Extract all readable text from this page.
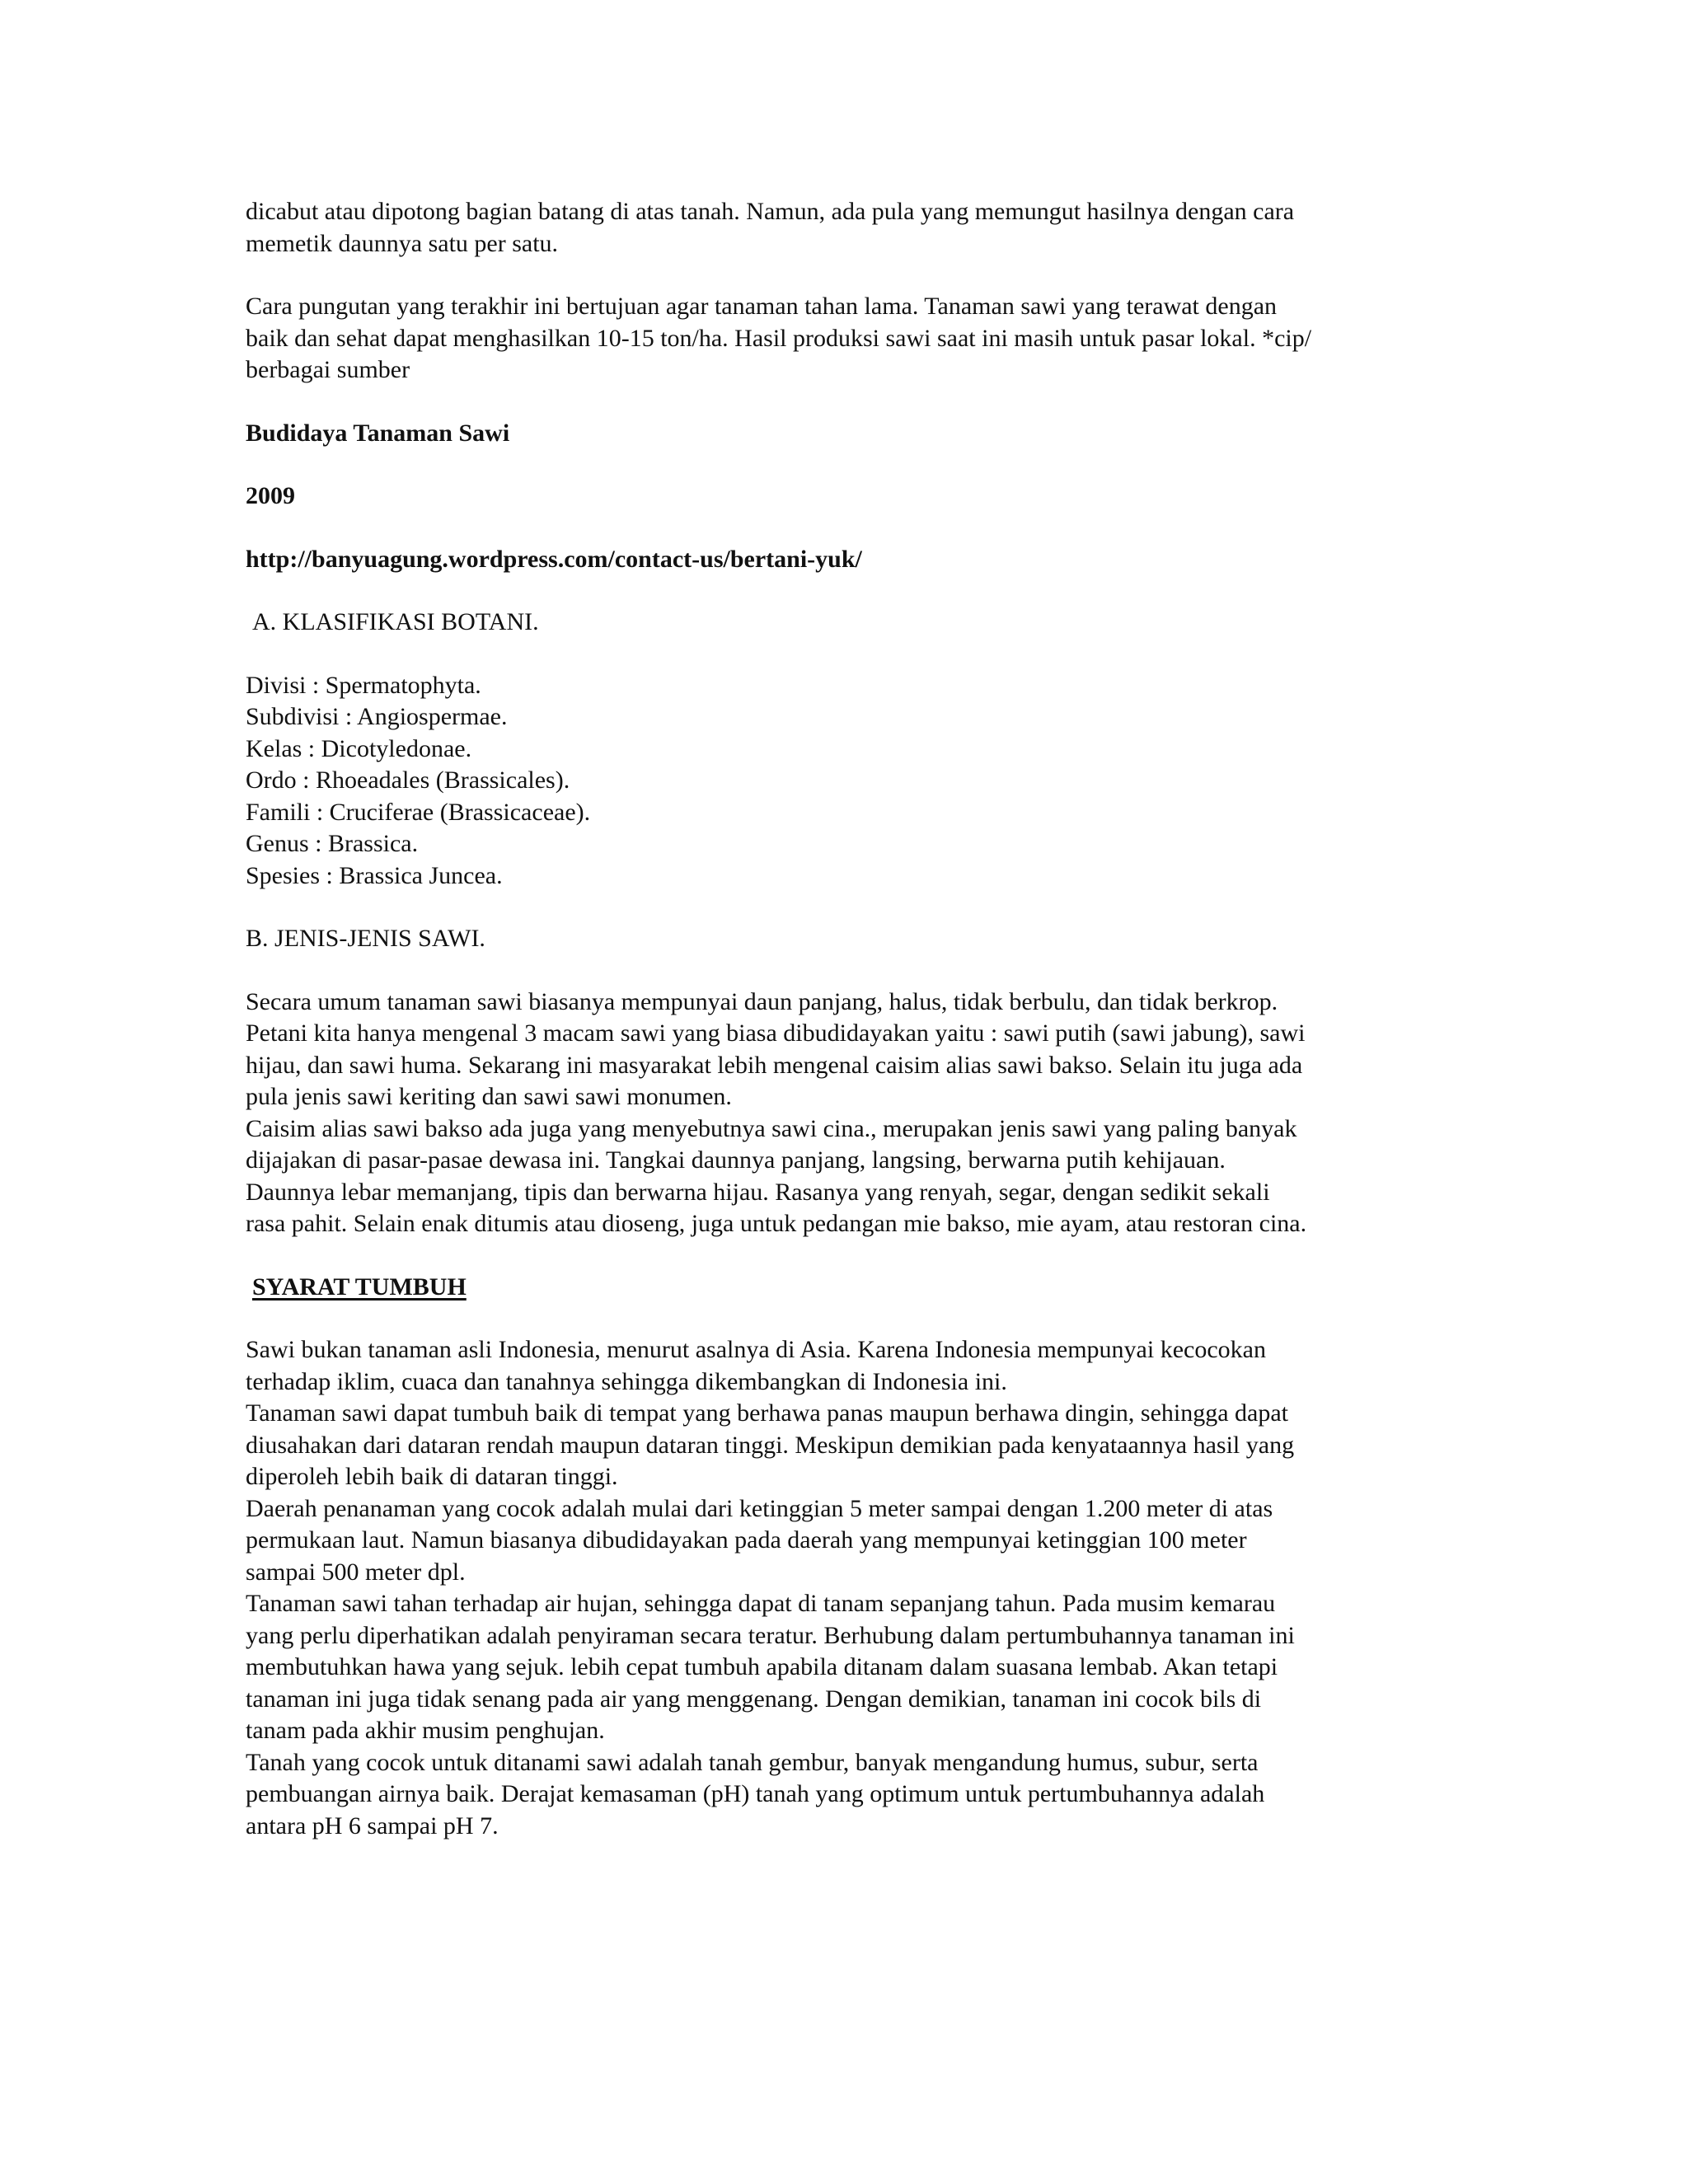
dicabut atau dipotong bagian batang di atas tanah. Namun, ada pula yang memungut hasilnya dengan cara
memetik daunnya satu per satu.
Cara pungutan yang terakhir ini bertujuan agar tanaman tahan lama. Tanaman sawi yang terawat dengan
baik dan sehat dapat menghasilkan 10-15 ton/ha. Hasil produksi sawi saat ini masih untuk pasar lokal. *cip/
berbagai sumber
Budidaya Tanaman Sawi
2009
http://banyuagung.wordpress.com/contact-us/bertani-yuk/
A. KLASIFIKASI BOTANI.
Divisi : Spermatophyta.
Subdivisi : Angiospermae.
Kelas : Dicotyledonae.
Ordo : Rhoeadales (Brassicales).
Famili : Cruciferae (Brassicaceae).
Genus : Brassica.
Spesies : Brassica Juncea.
B. JENIS-JENIS SAWI.
Secara umum tanaman sawi biasanya mempunyai daun panjang, halus, tidak berbulu, dan tidak berkrop.
Petani kita hanya mengenal 3 macam sawi yang biasa dibudidayakan yaitu : sawi putih (sawi jabung), sawi
hijau, dan sawi huma. Sekarang ini masyarakat lebih mengenal caisim alias sawi bakso. Selain itu juga ada
pula jenis sawi keriting dan sawi sawi monumen.
Caisim alias sawi bakso ada juga yang menyebutnya sawi cina., merupakan jenis sawi yang paling banyak
dijajakan di pasar-pasae dewasa ini. Tangkai daunnya panjang, langsing, berwarna putih kehijauan.
Daunnya lebar memanjang, tipis dan berwarna hijau. Rasanya yang renyah, segar, dengan sedikit sekali
rasa pahit. Selain enak ditumis atau dioseng, juga untuk pedangan mie bakso, mie ayam, atau restoran cina.
SYARAT TUMBUH
Sawi bukan tanaman asli Indonesia, menurut asalnya di Asia. Karena Indonesia mempunyai kecocokan
terhadap iklim, cuaca dan tanahnya sehingga dikembangkan di Indonesia ini.
Tanaman sawi dapat tumbuh baik di tempat yang berhawa panas maupun berhawa dingin, sehingga dapat
diusahakan dari dataran rendah maupun dataran tinggi. Meskipun demikian pada kenyataannya hasil yang
diperoleh lebih baik di dataran tinggi.
Daerah penanaman yang cocok adalah mulai dari ketinggian 5 meter sampai dengan 1.200 meter di atas
permukaan laut. Namun biasanya dibudidayakan pada daerah yang mempunyai ketinggian 100 meter
sampai 500 meter dpl.
Tanaman sawi tahan terhadap air hujan, sehingga dapat di tanam sepanjang tahun. Pada musim kemarau
yang perlu diperhatikan adalah penyiraman secara teratur. Berhubung dalam pertumbuhannya tanaman ini
membutuhkan hawa yang sejuk. lebih cepat tumbuh apabila ditanam dalam suasana lembab. Akan tetapi
tanaman ini juga tidak senang pada air yang menggenang. Dengan demikian, tanaman ini cocok bils di
tanam pada akhir musim penghujan.
Tanah yang cocok untuk ditanami sawi adalah tanah gembur, banyak mengandung humus, subur, serta
pembuangan airnya baik. Derajat kemasaman (pH) tanah yang optimum untuk pertumbuhannya adalah
antara pH 6 sampai pH 7.
